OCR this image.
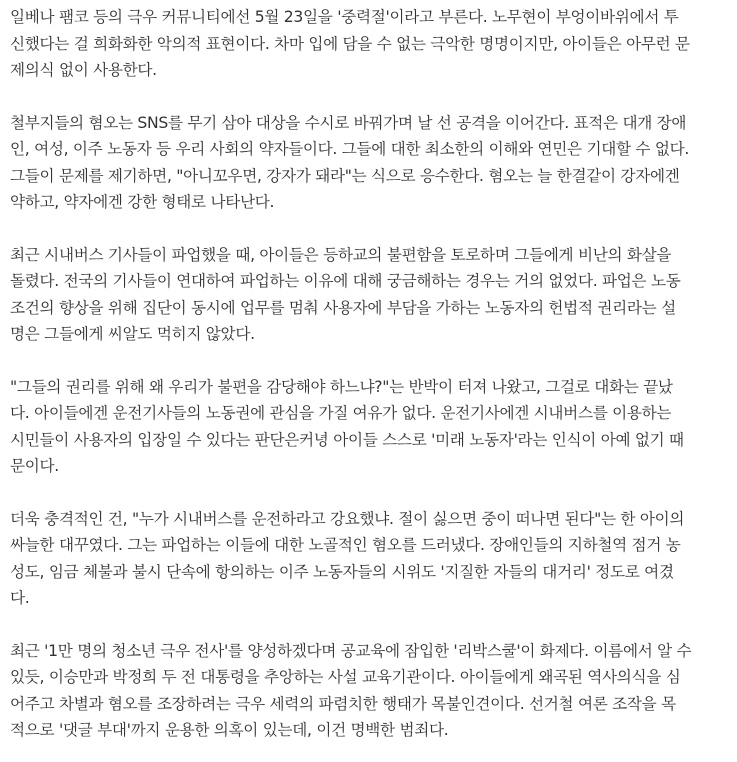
일베나 팸코 등의 극우 커뮤니티에선 5월 23일을 '중력절'이라고 부른다. 노무현이 부엉이바위에서 투
신했다는 걸 희화화한 악의적 표현이다. 차마 입에 담을 수 없는 극악한 명명이지만, 아이들은 아무런 문
제의식 없이 사용한다.

철부지들의 혐오는 SNS를 무기 삼아 대상을 수시로 바꿔가며 날 선 공격을 이어간다. 표적은 대개 장애
인, 여성, 이주 노동자 등 우리 사회의 약자들이다. 그들에 대한 최소한의 이해와 연민은 기대할 수 없다.
그들이 문제를 제기하면, "아니꼬우면, 강자가 돼라"는 식으로 응수한다. 혐오는 늘 한결같이 강자에겐
약하고, 약자에겐 강한 형태로 나타난다.

최근 시내버스 기사들이 파업했을 때, 아이들은 등하교의 불편함을 토로하며 그들에게 비난의 화살을
돌렸다. 전국의 기사들이 연대하여 파업하는 이유에 대해 궁금해하는 경우는 거의 없었다. 파업은 노동
조건의 향상을 위해 집단이 동시에 업무를 멈춰 사용자에 부담을 가하는 노동자의 헌법적 권리라는 설
명은 그들에게 씨알도 먹히지 않았다.

"그들의 권리를 위해 왜 우리가 불편을 감당해야 하느냐?"는 반박이 터져 나왔고, 그걸로 대화는 끝났
다. 아이들에겐 운전기사들의 노동권에 관심을 가질 여유가 없다. 운전기사에겐 시내버스를 이용하는
시민들이 사용자의 입장일 수 있다는 판단은커녕 아이들 스스로 '미래 노동자'라는 인식이 아예 없기 때
문이다.

더욱 충격적인 건, "누가 시내버스를 운전하라고 강요했냐. 절이 싫으면 중이 떠나면 된다"는 한 아이의
싸늘한 대꾸였다. 그는 파업하는 이들에 대한 노골적인 혐오를 드러냈다. 장애인들의 지하철역 점거 농
성도, 임금 체불과 불시 단속에 항의하는 이주 노동자들의 시위도 '지질한 자들의 대거리' 정도로 여겼
다.

최근 '1만 명의 청소년 극우 전사'를 양성하겠다며 공교육에 잠입한 '리박스쿨'이 화제다. 이름에서 알 수
있듯, 이승만과 박정희 두 전 대통령을 추앙하는 사설 교육기관이다. 아이들에게 왜곡된 역사의식을 심
어주고 차별과 혐오를 조장하려는 극우 세력의 파렴치한 행태가 목불인견이다. 선거철 여론 조작을 목
적으로 '댓글 부대'까지 운용한 의혹이 있는데, 이건 명백한 범죄다.
